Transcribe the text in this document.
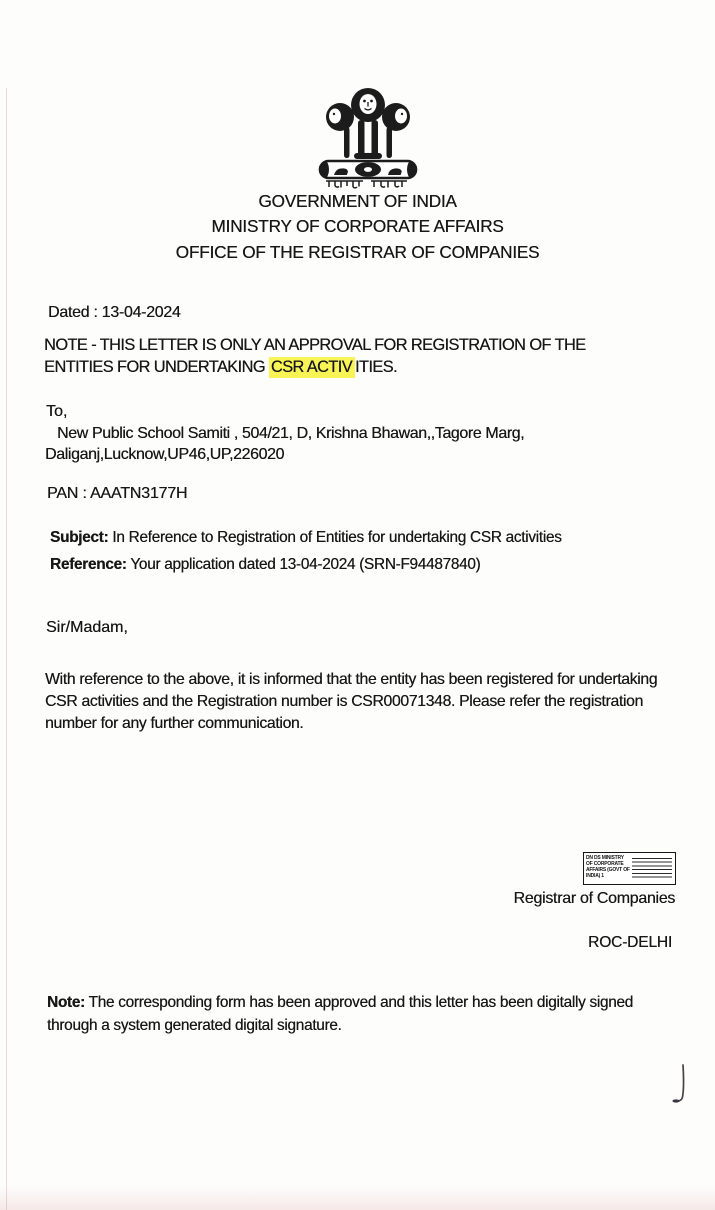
GOVERNMENT OF INDIA
MINISTRY OF CORPORATE AFFAIRS
OFFICE OF THE REGISTRAR OF COMPANIES
Dated : 13-04-2024
NOTE - THIS LETTER IS ONLY AN APPROVAL FOR REGISTRATION OF THE
ENTITIES FOR UNDERTAKING CSR ACTIV ITIES.
To,
New Public School Samiti , 504/21, D, Krishna Bhawan,,Tagore Marg,
Daliganj,Lucknow,UP46,UP,226020
PAN : AAATN3177H
Subject: In Reference to Registration of Entities for undertaking CSR activities
Reference: Your application dated 13-04-2024 (SRN-F94487840)
Sir/Madam,
With reference to the above, it is informed that the entity has been registered for undertaking
CSR activities and the Registration number is CSR00071348. Please refer the registration
number for any further communication.
DN DS MINISTRY
OF CORPORATE
AFFAIRS (GOVT OF
INDIA) 1
Registrar of Companies
ROC-DELHI
Note: The corresponding form has been approved and this letter has been digitally signed
through a system generated digital signature.
